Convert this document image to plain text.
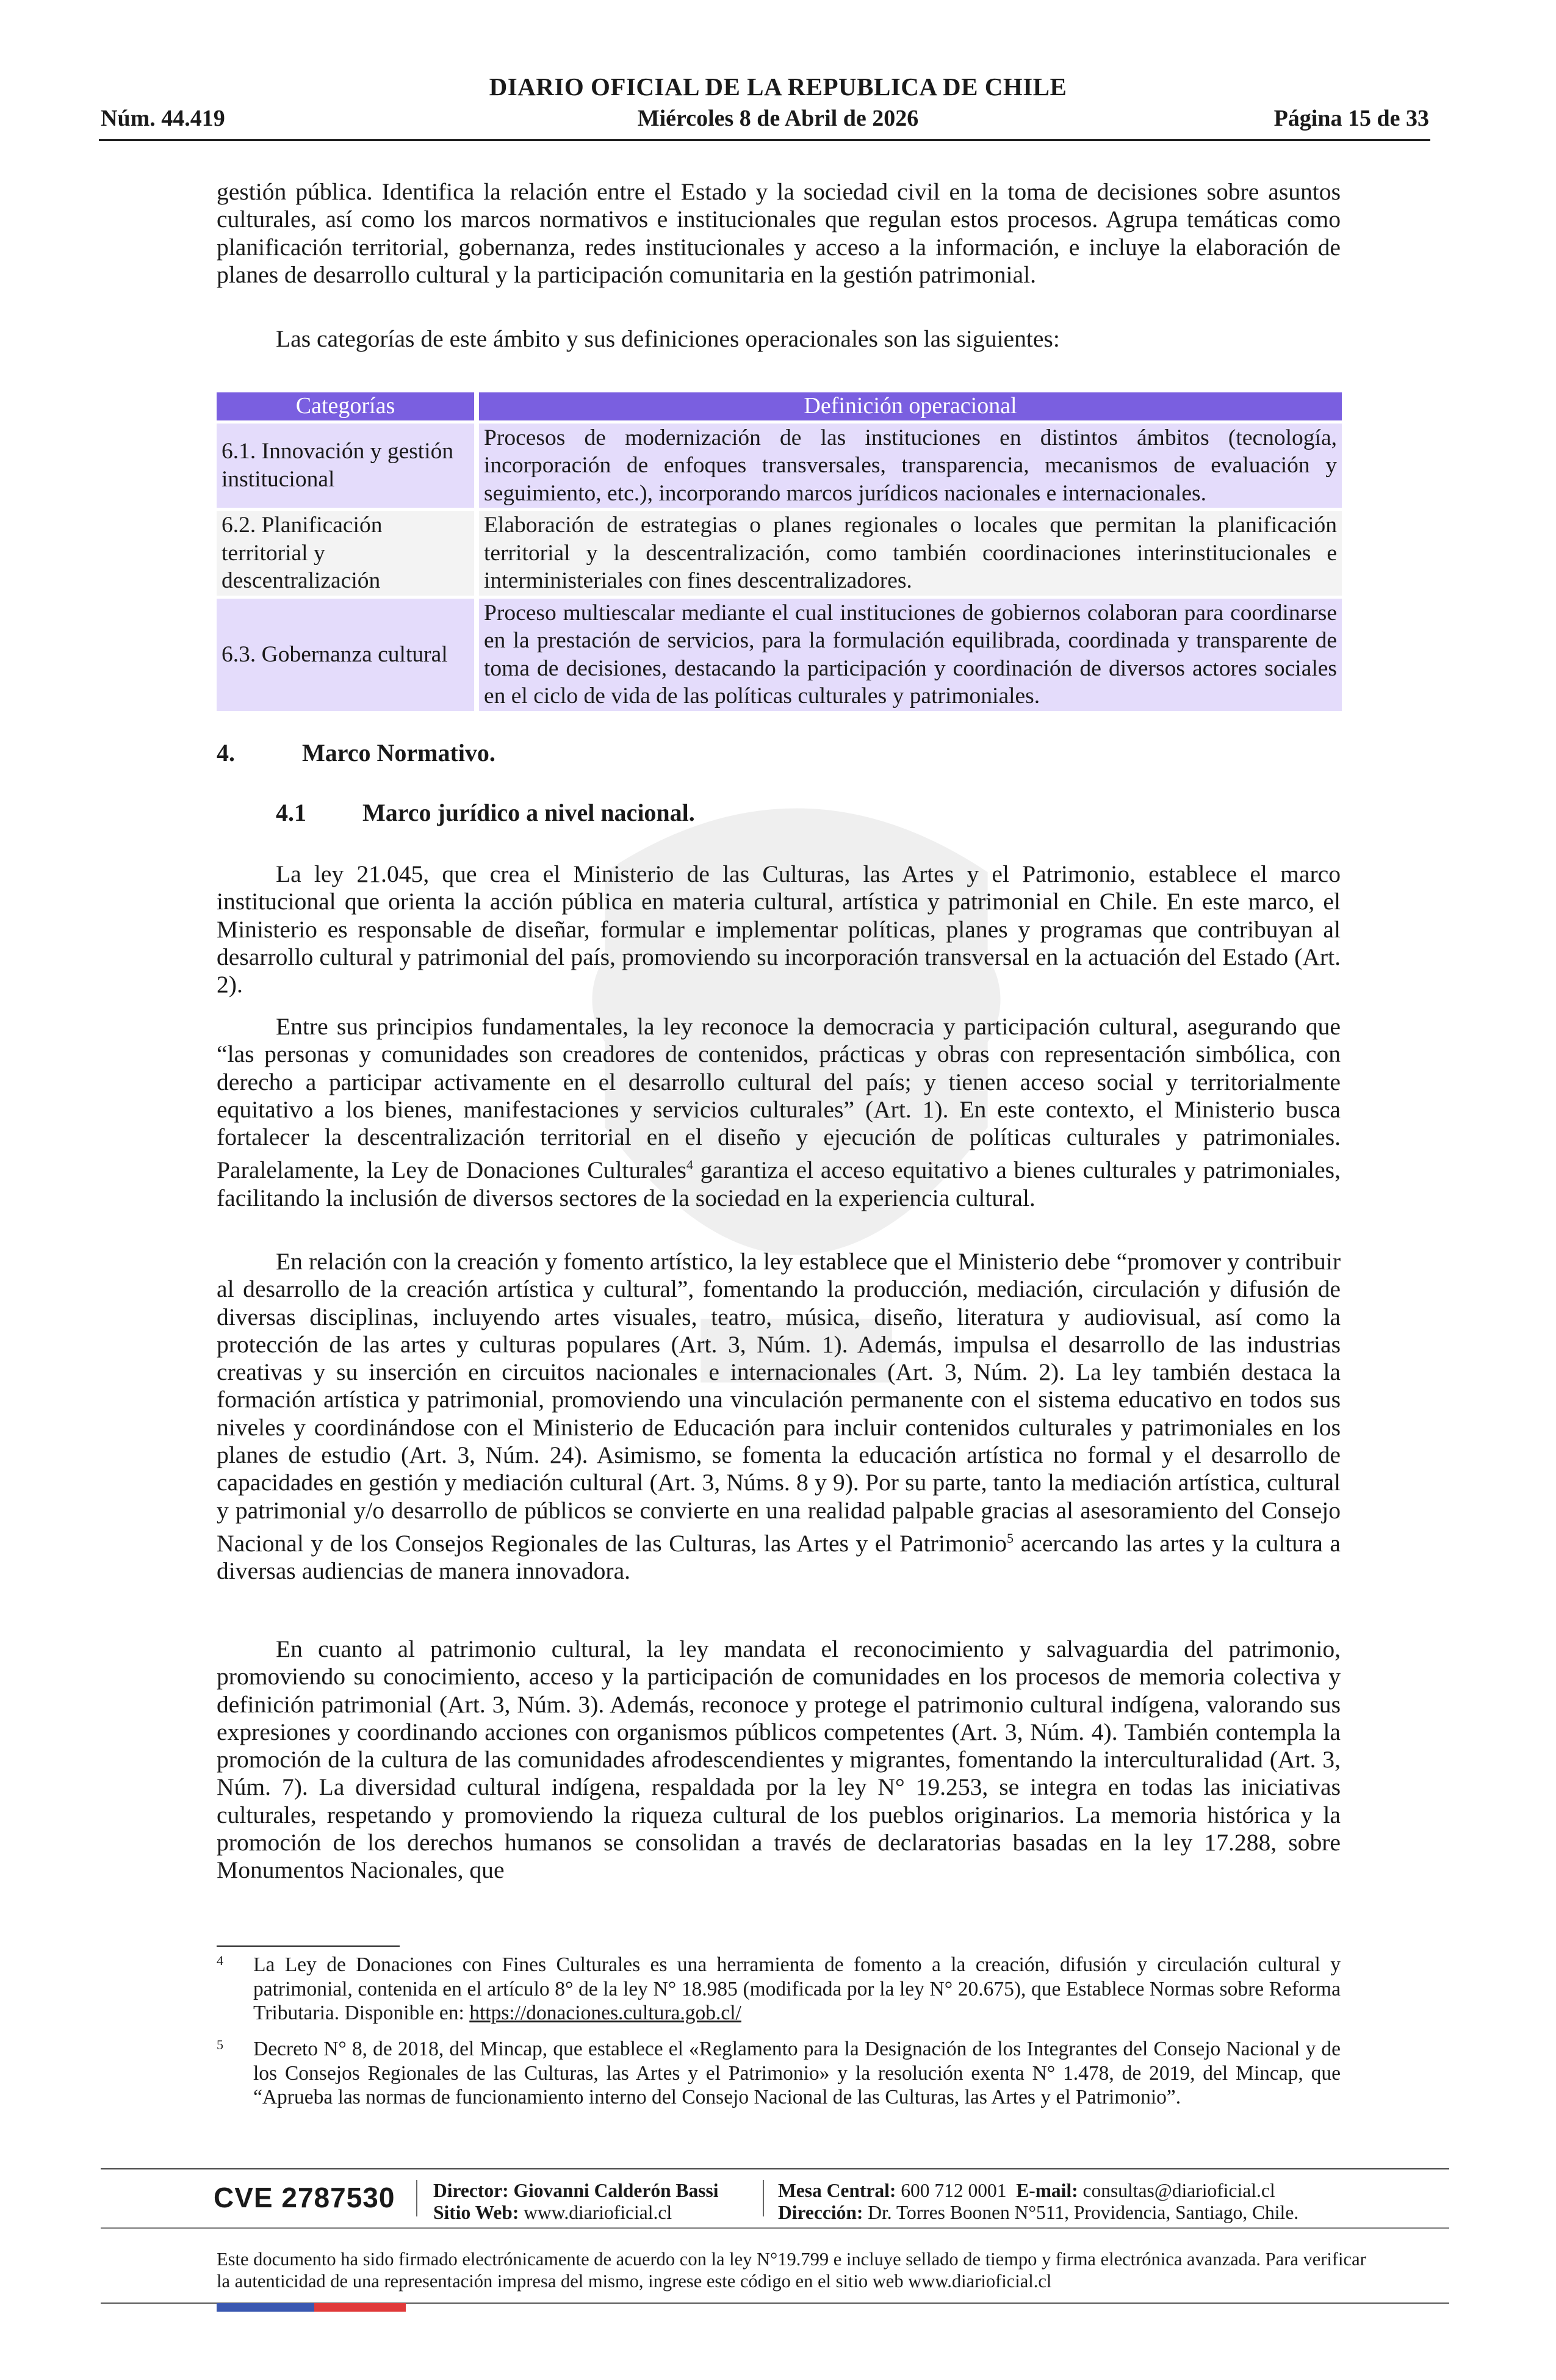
DIARIO OFICIAL DE LA REPUBLICA DE CHILE
Núm. 44.419	Miércoles 8 de Abril de 2026	Página 15 de 33

gestión pública. Identifica la relación entre el Estado y la sociedad civil en la toma de decisiones sobre asuntos culturales, así como los marcos normativos e institucionales que regulan estos procesos. Agrupa temáticas como planificación territorial, gobernanza, redes institucionales y acceso a la información, e incluye la elaboración de planes de desarrollo cultural y la participación comunitaria en la gestión patrimonial.

Las categorías de este ámbito y sus definiciones operacionales son las siguientes:

Categorías	Definición operacional
6.1. Innovación y gestión institucional	Procesos de modernización de las instituciones en distintos ámbitos (tecnología, incorporación de enfoques transversales, transparencia, mecanismos de evaluación y seguimiento, etc.), incorporando marcos jurídicos nacionales e internacionales.
6.2. Planificación territorial y descentralización	Elaboración de estrategias o planes regionales o locales que permitan la planificación territorial y la descentralización, como también coordinaciones interinstitucionales e interministeriales con fines descentralizadores.
6.3. Gobernanza cultural	Proceso multiescalar mediante el cual instituciones de gobiernos colaboran para coordinarse en la prestación de servicios, para la formulación equilibrada, coordinada y transparente de toma de decisiones, destacando la participación y coordinación de diversos actores sociales en el ciclo de vida de las políticas culturales y patrimoniales.
4.	Marco Normativo.
4.1 Marco jurídico a nivel nacional.

La ley 21.045, que crea el Ministerio de las Culturas, las Artes y el Patrimonio, establece el marco institucional que orienta la acción pública en materia cultural, artística y patrimonial en Chile. En este marco, el Ministerio es responsable de diseñar, formular e implementar políticas, planes y programas que contribuyan al desarrollo cultural y patrimonial del país, promoviendo su incorporación transversal en la actuación del Estado (Art. 2).

Entre sus principios fundamentales, la ley reconoce la democracia y participación cultural, asegurando que “las personas y comunidades son creadores de contenidos, prácticas y obras con representación simbólica, con derecho a participar activamente en el desarrollo cultural del país; y tienen acceso social y territorialmente equitativo a los bienes, manifestaciones y servicios culturales” (Art. 1). En este contexto, el Ministerio busca fortalecer la descentralización territorial en el diseño y ejecución de políticas culturales y patrimoniales. Paralelamente, la Ley de Donaciones Culturales$^4$ garantiza el acceso equitativo a bienes culturales y patrimoniales, facilitando la inclusión de diversos sectores de la sociedad en la experiencia cultural.

En relación con la creación y fomento artístico, la ley establece que el Ministerio debe “promover y contribuir al desarrollo de la creación artística y cultural”, fomentando la producción, mediación, circulación y difusión de diversas disciplinas, incluyendo artes visuales, teatro, música, diseño, literatura y audiovisual, así como la protección de las artes y culturas populares (Art. 3, Núm. 1). Además, impulsa el desarrollo de las industrias creativas y su inserción en circuitos nacionales e internacionales (Art. 3, Núm. 2). La ley también destaca la formación artística y patrimonial, promoviendo una vinculación permanente con el sistema educativo en todos sus niveles y coordinándose con el Ministerio de Educación para incluir contenidos culturales y patrimoniales en los planes de estudio (Art. 3, Núm. 24). Asimismo, se fomenta la educación artística no formal y el desarrollo de capacidades en gestión y mediación cultural (Art. 3, Núms. 8 y 9). Por su parte, tanto la mediación artística, cultural y patrimonial y/o desarrollo de públicos se convierte en una realidad palpable gracias al asesoramiento del Consejo Nacional y de los Consejos Regionales de las Culturas, las Artes y el Patrimonio$^5$ acercando las artes y la cultura a diversas audiencias de manera innovadora.

En cuanto al patrimonio cultural, la ley mandata el reconocimiento y salvaguardia del patrimonio, promoviendo su conocimiento, acceso y la participación de comunidades en los procesos de memoria colectiva y definición patrimonial (Art. 3, Núm. 3). Además, reconoce y protege el patrimonio cultural indígena, valorando sus expresiones y coordinando acciones con organismos públicos competentes (Art. 3, Núm. 4). También contempla la promoción de la cultura de las comunidades afrodescendientes y migrantes, fomentando la interculturalidad (Art. 3, Núm. 7). La diversidad cultural indígena, respaldada por la ley N° 19.253, se integra en todas las iniciativas culturales, respetando y promoviendo la riqueza cultural de los pueblos originarios. La memoria histórica y la promoción de los derechos humanos se consolidan a través de declaratorias basadas en la ley 17.288, sobre Monumentos Nacionales, que

4 La Ley de Donaciones con Fines Culturales es una herramienta de fomento a la creación, difusión y circulación cultural y patrimonial, contenida en el artículo 8° de la ley N° 18.985 (modificada por la ley N° 20.675), que Establece Normas sobre Reforma Tributaria. Disponible en: https://donaciones.cultura.gob.cl/

5 Decreto N° 8, de 2018, del Mincap, que establece el «Reglamento para la Designación de los Integrantes del Consejo Nacional y de los Consejos Regionales de las Culturas, las Artes y el Patrimonio» y la resolución exenta N° 1.478, de 2019, del Mincap, que “Aprueba las normas de funcionamiento interno del Consejo Nacional de las Culturas, las Artes y el Patrimonio”.

CVE 2787530 Director: Giovanni Calderón Bassi
Sitio Web: www.diarioficial.cl
Mesa Central: 600 712 0001 E-mail: consultas@diarioficial.cl
Dirección: Dr. Torres Boonen N°511, Providencia, Santiago, Chile.

Este documento ha sido firmado electrónicamente de acuerdo con la ley N°19.799 e incluye sellado de tiempo y firma electrónica avanzada. Para verificar la autenticidad de una representación impresa del mismo, ingrese este código en el sitio web www.diarioficial.cl
